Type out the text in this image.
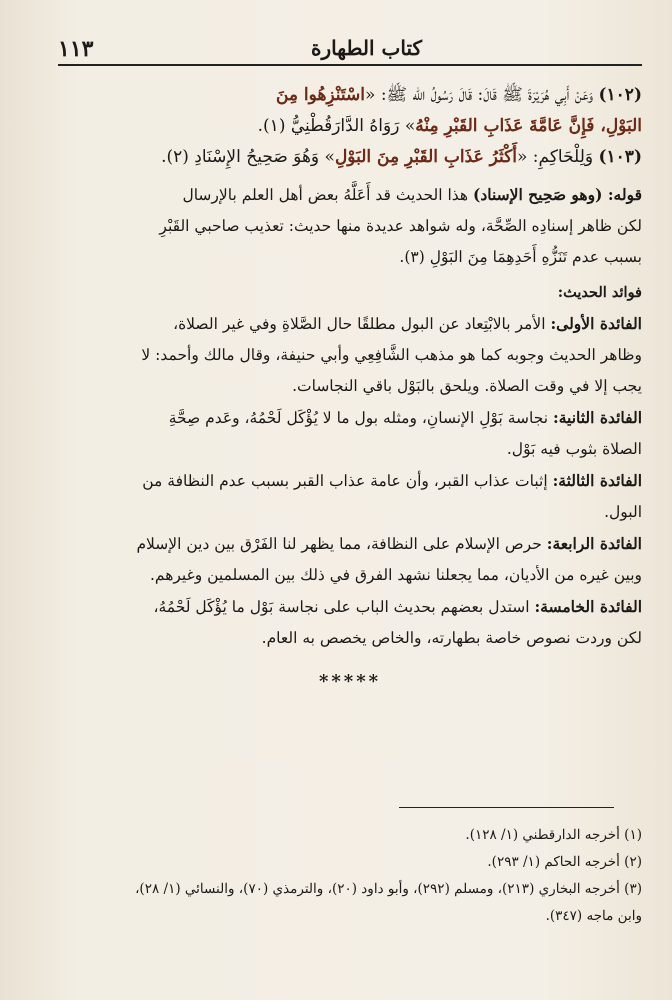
١١٣	كتاب الطهارة

(١٠٢) وَعَنْ أَبِي هُرَيْرَةَ ﷺ قَالَ: قَالَ رَسُولُ الله ﷺ: «اسْتَنْزِهُوا مِنَ

البَوْلِ، فَإِنَّ عَامَّةَ عَذَابِ القَبْرِ مِنْهُ» رَوَاهُ الدَّارَقُطْنِيُّ (١).

(١٠٣) وَلِلْحَاكِمِ: «أَكْثَرُ عَذَابِ القَبْرِ مِنَ البَوْلِ» وَهُوَ صَحِيحُ الإِسْنَادِ (٢).

قوله: (وهو صَحِيح الإسناد) هذا الحديث قد أَعَلَّهُ بعض أهل العلم بالإرسال

لكن ظاهر إسنادِه الصِّحَّة، وله شواهد عديدة منها حديث: تعذيب صاحبي القَبْرِ

بسبب عدم تَنَزُّهِ أَحَدِهِمَا مِنَ البَوْلِ (٣).

فوائد الحديث:

الفائدة الأولى: الأمر بالابْتِعاد عن البول مطلقًا حال الصَّلاةِ وفي غير الصلاة،

وظاهر الحديث وجوبه كما هو مذهب الشَّافِعِي وأبي حنيفة، وقال مالك وأحمد: لا

يجب إلا في وقت الصلاة. ويلحق بالبَوْل باقي النجاسات.

الفائدة الثانية: نجاسة بَوْلِ الإنسانِ، ومثله بول ما لا يُؤْكَل لَحْمُهُ، وعَدم صِحَّةِ

الصلاة بثوب فيه بَوْل.

الفائدة الثالثة: إثبات عذاب القبر، وأن عامة عذاب القبر بسبب عدم النظافة من

البول.

الفائدة الرابعة: حرص الإسلام على النظافة، مما يظهر لنا الفَرْق بين دين الإسلام

وبين غيره من الأديان، مما يجعلنا نشهد الفرق في ذلك بين المسلمين وغيرهم.

الفائدة الخامسة: استدل بعضهم بحديث الباب على نجاسة بَوْل ما يُؤْكَل لَحْمُهُ،

لكن وردت نصوص خاصة بطهارته، والخاص يخصص به العام.

*****

(١) أخرجه الدارقطني (١/ ١٢٨).

(٢) أخرجه الحاكم (١/ ٢٩٣).

(٣) أخرجه البخاري (٢١٣)، ومسلم (٢٩٢)، وأبو داود (٢٠)، والترمذي (٧٠)، والنسائي (١/ ٢٨)،

وابن ماجه (٣٤٧).
